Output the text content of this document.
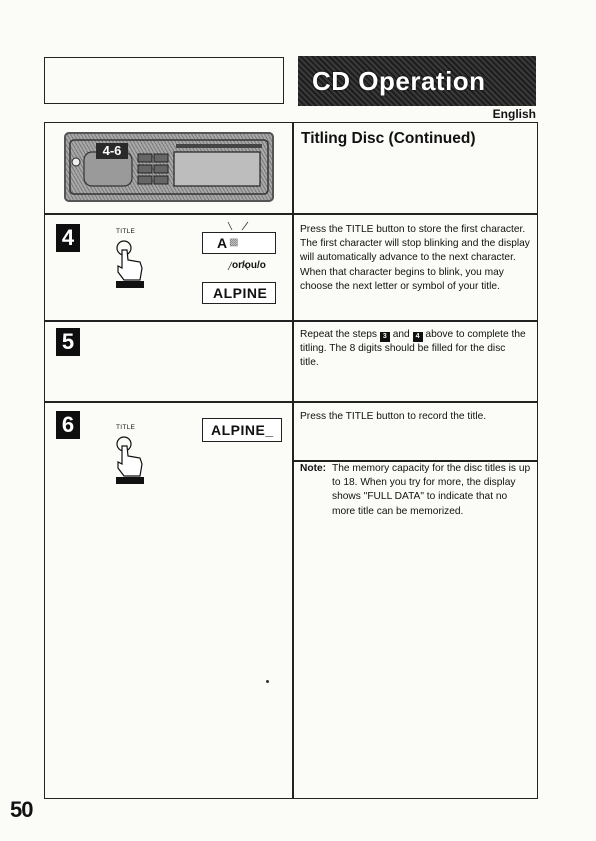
CD Operation
English
Titling Disc (Continued)
4-6
4	TITLE
A ▩
or/ou/o
ALPINE
Press the TITLE button to store the first character. The first character will stop blinking and the display will automatically advance to the next character. When that character begins to blink, you may choose the next letter or symbol of your title.
5	Repeat the steps 3 and 4 above to complete the titling. The 8 digits should be filled for the disc title.
6	TITLE	ALPINE_
Press the TITLE button to record the title.
Note: The memory capacity for the disc titles is up to 18. When you try for more, the display shows "FULL DATA" to indicate that no more title can be memorized.
50
